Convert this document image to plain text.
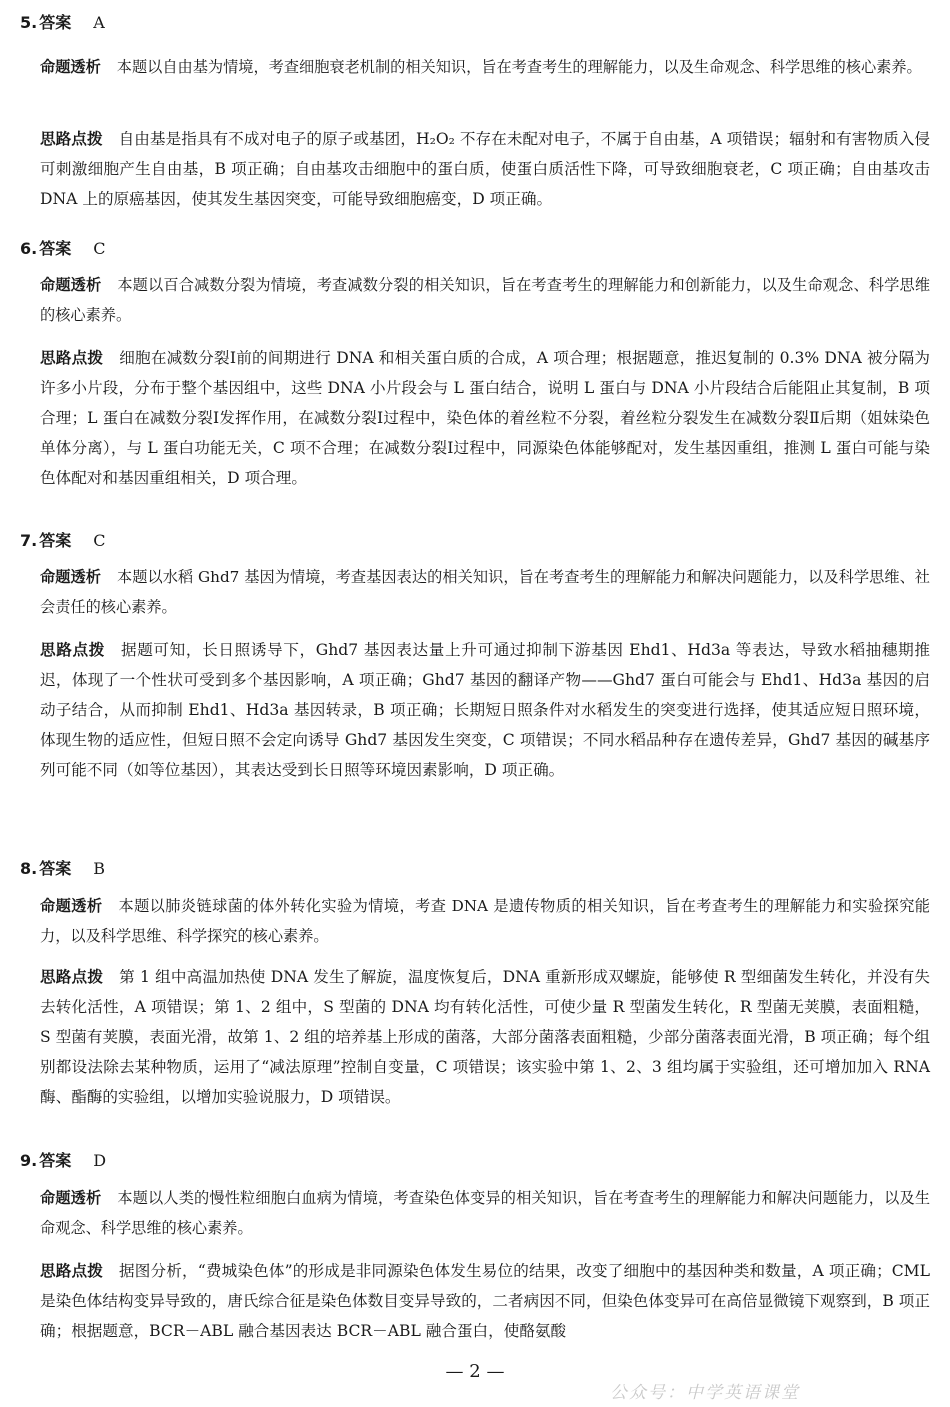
5. 答案 A
命题透析 本题以自由基为情境，考查细胞衰老机制的相关知识，旨在考查考生的理解能力，以及生命观念、科学思维的核心素养。
思路点拨 自由基是指具有不成对电子的原子或基团，H₂O₂ 不存在未配对电子，不属于自由基，A 项错误；辐射和有害物质入侵可刺激细胞产生自由基，B 项正确；自由基攻击细胞中的蛋白质，使蛋白质活性下降，可导致细胞衰老，C 项正确；自由基攻击 DNA 上的原癌基因，使其发生基因突变，可能导致细胞癌变，D 项正确。
6. 答案 C
命题透析 本题以百合减数分裂为情境，考查减数分裂的相关知识，旨在考查考生的理解能力和创新能力，以及生命观念、科学思维的核心素养。
思路点拨 细胞在减数分裂Ⅰ前的间期进行 DNA 和相关蛋白质的合成，A 项合理；根据题意，推迟复制的 0.3% DNA 被分隔为许多小片段，分布于整个基因组中，这些 DNA 小片段会与 L 蛋白结合，说明 L 蛋白与 DNA 小片段结合后能阻止其复制，B 项合理；L 蛋白在减数分裂Ⅰ发挥作用，在减数分裂Ⅰ过程中，染色体的着丝粒不分裂，着丝粒分裂发生在减数分裂Ⅱ后期（姐妹染色单体分离），与 L 蛋白功能无关，C 项不合理；在减数分裂Ⅰ过程中，同源染色体能够配对，发生基因重组，推测 L 蛋白可能与染色体配对和基因重组相关，D 项合理。
7. 答案 C
命题透析 本题以水稻 Ghd7 基因为情境，考查基因表达的相关知识，旨在考查考生的理解能力和解决问题能力，以及科学思维、社会责任的核心素养。
思路点拨 据题可知，长日照诱导下，Ghd7 基因表达量上升可通过抑制下游基因 Ehd1、Hd3a 等表达，导致水稻抽穗期推迟，体现了一个性状可受到多个基因影响，A 项正确；Ghd7 基因的翻译产物——Ghd7 蛋白可能会与 Ehd1、Hd3a 基因的启动子结合，从而抑制 Ehd1、Hd3a 基因转录，B 项正确；长期短日照条件对水稻发生的突变进行选择，使其适应短日照环境，体现生物的适应性，但短日照不会定向诱导 Ghd7 基因发生突变，C 项错误；不同水稻品种存在遗传差异，Ghd7 基因的碱基序列可能不同（如等位基因），其表达受到长日照等环境因素影响，D 项正确。
8. 答案 B
命题透析 本题以肺炎链球菌的体外转化实验为情境，考查 DNA 是遗传物质的相关知识，旨在考查考生的理解能力和实验探究能力，以及科学思维、科学探究的核心素养。
思路点拨 第 1 组中高温加热使 DNA 发生了解旋，温度恢复后，DNA 重新形成双螺旋，能够使 R 型细菌发生转化，并没有失去转化活性，A 项错误；第 1、2 组中，S 型菌的 DNA 均有转化活性，可使少量 R 型菌发生转化，R 型菌无荚膜，表面粗糙，S 型菌有荚膜，表面光滑，故第 1、2 组的培养基上形成的菌落，大部分菌落表面粗糙，少部分菌落表面光滑，B 项正确；每个组别都设法除去某种物质，运用了“减法原理”控制自变量，C 项错误；该实验中第 1、2、3 组均属于实验组，还可增加加入 RNA 酶、酯酶的实验组，以增加实验说服力，D 项错误。
9. 答案 D
命题透析 本题以人类的慢性粒细胞白血病为情境，考查染色体变异的相关知识，旨在考查考生的理解能力和解决问题能力，以及生命观念、科学思维的核心素养。
思路点拨 据图分析，“费城染色体”的形成是非同源染色体发生易位的结果，改变了细胞中的基因种类和数量，A 项正确；CML 是染色体结构变异导致的，唐氏综合征是染色体数目变异导致的，二者病因不同，但染色体变异可在高倍显微镜下观察到，B 项正确；根据题意，BCR－ABL 融合基因表达 BCR－ABL 融合蛋白，使酪氨酸
— 2 —
公众号：中学英语课堂
